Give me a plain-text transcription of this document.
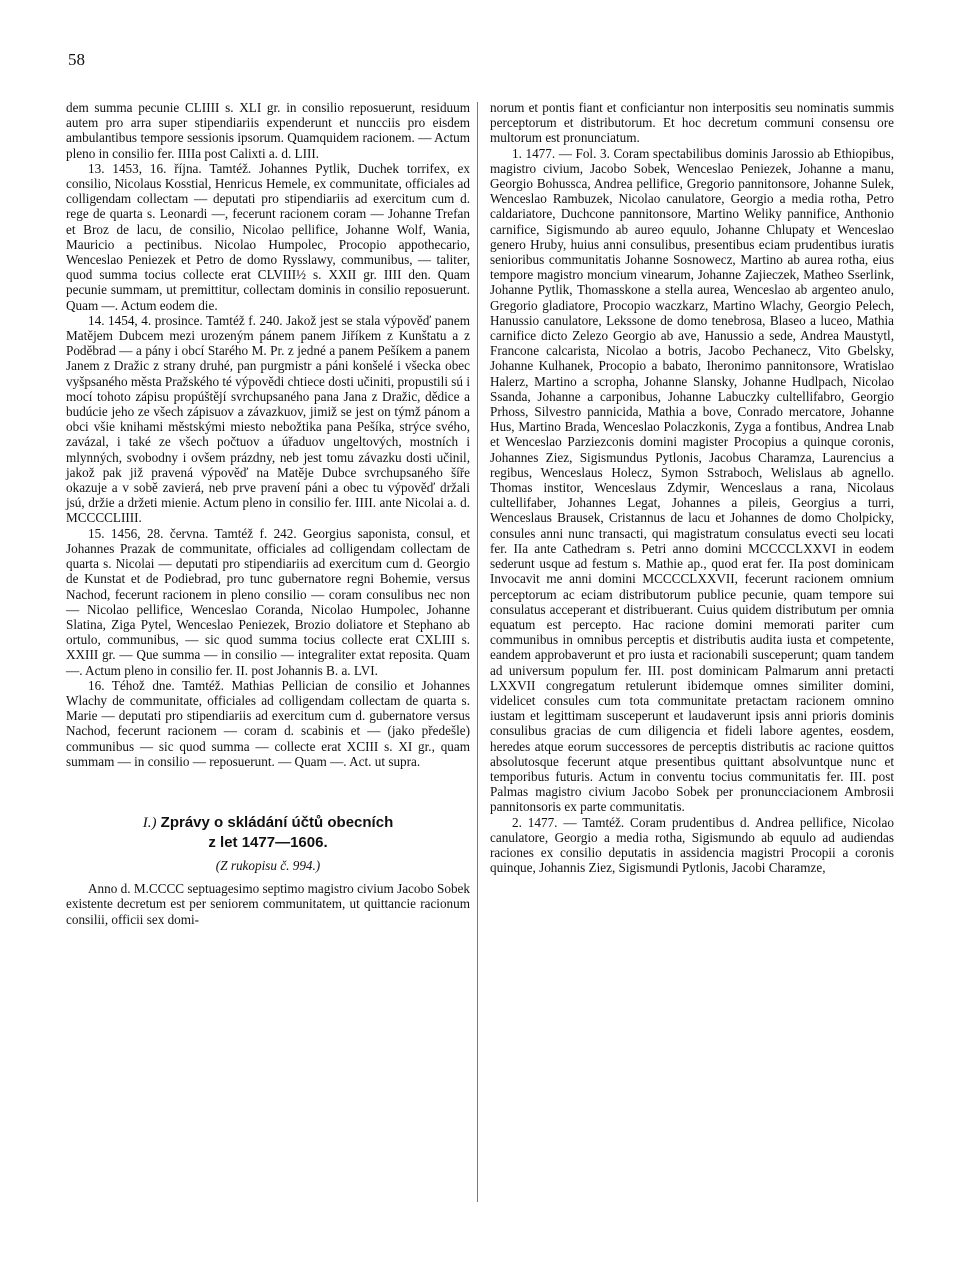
58

dem summa pecunie CLIIII s. XLI gr. in consilio reposuerunt, residuum autem pro arra super stipendiariis expenderunt et nuncciis pro eisdem ambulantibus tempore sessionis ipsorum. Quamquidem racionem. — Actum pleno in consilio fer. IIIIa post Calixti a. d. LIII.

13. 1453, 16. října. Tamtéž. Johannes Pytlik, Duchek torrifex, ex consilio, Nicolaus Kosstial, Henricus Hemele, ex communitate, officiales ad colligendam collectam — deputati pro stipendiariis ad exercitum cum d. rege de quarta s. Leonardi —, fecerunt racionem coram — Johanne Trefan et Broz de lacu, de consilio, Nicolao pellifice, Johanne Wolf, Wania, Mauricio a pectinibus. Nicolao Humpolec, Procopio appothecario, Wenceslao Peniezek et Petro de domo Rysslawy, communibus, — taliter, quod summa tocius collecte erat CLVIII½ s. XXII gr. IIII den. Quam pecunie summam, ut premittitur, collectam dominis in consilio reposuerunt. Quam —. Actum eodem die.

14. 1454, 4. prosince. Tamtéž f. 240. Jakož jest se stala výpověď panem Matějem Dubcem mezi urozeným pánem panem Jiříkem z Kunštatu a z Poděbrad — a pány i obcí Starého M. Pr. z jedné a panem Pešíkem a panem Janem z Dražic z strany druhé, pan purgmistr a páni konšelé i všecka obec vyšpsaného města Pražského té výpovědi chtiece dosti učiniti, propustili sú i mocí tohoto zápisu propúštějí svrchupsaného pana Jana z Dražic, dědice a budúcie jeho ze všech zápisuov a závazkuov, jimiž se jest on týmž pánom a obci všie knihami městskými miesto nebožtika pana Pešíka, strýce svého, zavázal, i také ze všech počtuov a úřaduov ungeltových, mostních i mlynných, svobodny i ovšem prázdny, neb jest tomu závazku dosti učinil, jakož pak již pravená výpověď na Matěje Dubce svrchupsaného šíře okazuje a v sobě zavierá, neb prve pravení páni a obec tu výpověď držali jsú, držie a držeti mienie. Actum pleno in consilio fer. IIII. ante Nicolai a. d. MCCCCLIIII.

15. 1456, 28. června. Tamtéž f. 242. Georgius saponista, consul, et Johannes Prazak de communitate, officiales ad colligendam collectam de quarta s. Nicolai — deputati pro stipendiariis ad exercitum cum d. Georgio de Kunstat et de Podiebrad, pro tunc gubernatore regni Bohemie, versus Nachod, fecerunt racionem in pleno consilio — coram consulibus nec non — Nicolao pellifice, Wenceslao Coranda, Nicolao Humpolec, Johanne Slatina, Ziga Pytel, Wenceslao Peniezek, Brozio doliatore et Stephano ab ortulo, communibus, — sic quod summa tocius collecte erat CXLIII s. XXIII gr. — Que summa — in consilio — integraliter extat reposita. Quam —. Actum pleno in consilio fer. II. post Johannis B. a. LVI.

16. Téhož dne. Tamtéž. Mathias Pellician de consilio et Johannes Wlachy de communitate, officiales ad colligendam collectam de quarta s. Marie — deputati pro stipendiariis ad exercitum cum d. gubernatore versus Nachod, fecerunt racionem — coram d. scabinis et — (jako předešle) communibus — sic quod summa — collecte erat XCIII s. XI gr., quam summam — in consilio — reposuerunt. — Quam —. Act. ut supra.

I.) Zprávy o skládání účtů obecních
z let 1477—1606.
(Z rukopisu č. 994.)

Anno d. M.CCCC septuagesimo septimo magistro civium Jacobo Sobek existente decretum est per seniorem communitatem, ut quittancie racionum consilii, officii sex domi-

norum et pontis fiant et conficiantur non interpositis seu nominatis summis perceptorum et distributorum. Et hoc decretum communi consensu ore multorum est pronunciatum.

1. 1477. — Fol. 3. Coram spectabilibus dominis Jarossio ab Ethiopibus, magistro civium, Jacobo Sobek, Wenceslao Peniezek, Johanne a manu, Georgio Bohussca, Andrea pellifice, Gregorio pannitonsore, Johanne Sulek, Wenceslao Rambuzek, Nicolao canulatore, Georgio a media rotha, Petro caldariatore, Duchcone pannitonsore, Martino Weliky pannifice, Anthonio carnifice, Sigismundo ab aureo equulo, Johanne Chlupaty et Wenceslao genero Hruby, huius anni consulibus, presentibus eciam prudentibus iuratis senioribus communitatis Johanne Sosnowecz, Martino ab aurea rotha, eius tempore magistro moncium vinearum, Johanne Zajieczek, Matheo Sserlink, Johanne Pytlik, Thomasskone a stella aurea, Wenceslao ab argenteo anulo, Gregorio gladiatore, Procopio waczkarz, Martino Wlachy, Georgio Pelech, Hanussio canulatore, Lekssone de domo tenebrosa, Blaseo a luceo, Mathia carnifice dicto Zelezo Georgio ab ave, Hanussio a sede, Andrea Maustytl, Francone calcarista, Nicolao a botris, Jacobo Pechanecz, Vito Gbelsky, Johanne Kulhanek, Procopio a babato, Iheronimo pannitonsore, Wratislao Halerz, Martino a scropha, Johanne Slansky, Johanne Hudlpach, Nicolao Ssanda, Johanne a carponibus, Johanne Labuczky cultellifabro, Georgio Prhoss, Silvestro pannicida, Mathia a bove, Conrado mercatore, Johanne Hus, Martino Brada, Wenceslao Polaczkonis, Zyga a fontibus, Andrea Lnab et Wenceslao Parziezconis domini magister Procopius a quinque coronis, Johannes Ziez, Sigismundus Pytlonis, Jacobus Charamza, Laurencius a regibus, Wenceslaus Holecz, Symon Sstraboch, Welislaus ab agnello. Thomas institor, Wenceslaus Zdymir, Wenceslaus a rana, Nicolaus cultellifaber, Johannes Legat, Johannes a pileis, Georgius a turri, Wenceslaus Brausek, Cristannus de lacu et Johannes de domo Cholpicky, consules anni nunc transacti, qui magistratum consulatus evecti seu locati fer. IIa ante Cathedram s. Petri anno domini MCCCCLXXVI in eodem sederunt usque ad festum s. Mathie ap., quod erat fer. IIa post dominicam Invocavit me anni domini MCCCCLXXVII, fecerunt racionem omnium perceptorum ac eciam distributorum publice pecunie, quam tempore sui consulatus acceperant et distribuerant. Cuius quidem distributum per omnia equatum est percepto. Hac racione domini memorati pariter cum communibus in omnibus perceptis et distributis audita iusta et competente, eandem approbaverunt et pro iusta et racionabili susceperunt; quam tandem ad universum populum fer. III. post dominicam Palmarum anni pretacti LXXVII congregatum retulerunt ibidemque omnes similiter domini, videlicet consules cum tota communitate pretactam racionem omnino iustam et legittimam susceperunt et laudaverunt ipsis anni prioris dominis consulibus gracias de cum diligencia et fideli labore agentes, eosdem, heredes atque eorum successores de perceptis distributis ac racione quittos absolutosque fecerunt atque presentibus quittant absolvuntque nunc et temporibus futuris. Actum in conventu tocius communitatis fer. III. post Palmas magistro civium Jacobo Sobek per pronuncciacionem Ambrosii pannitonsoris ex parte communitatis.

2. 1477. — Tamtéž. Coram prudentibus d. Andrea pellifice, Nicolao canulatore, Georgio a media rotha, Sigismundo ab equulo ad audiendas raciones ex consilio deputatis in assidencia magistri Procopii a coronis quinque, Johannis Ziez, Sigismundi Pytlonis, Jacobi Charamze,
